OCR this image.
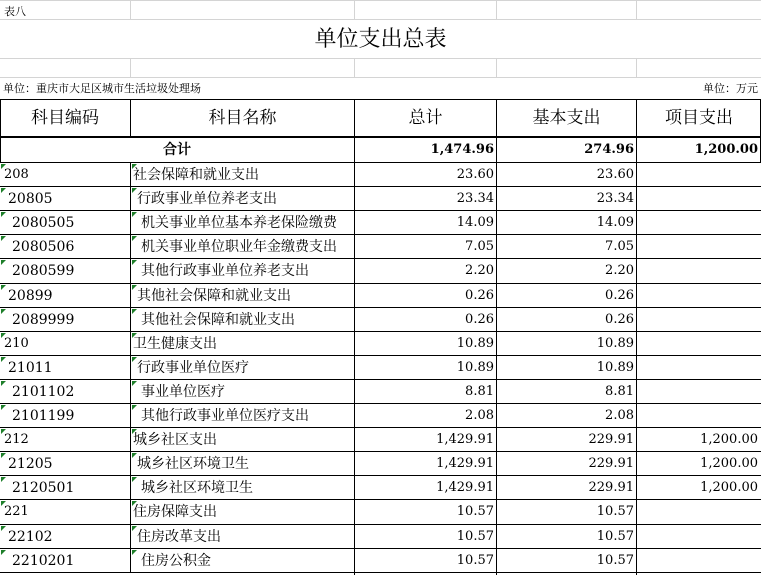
表八
单位支出总表
单位：重庆市大足区城市生活垃圾处理场	单位：万元
科目编码	科目名称	总计	基本支出	项目支出
合计	1,474.96	274.96	1,200.00
208	社会保障和就业支出	23.60	23.60
20805	行政事业单位养老支出	23.34	23.34
2080505	机关事业单位基本养老保险缴费	14.09	14.09
2080506	机关事业单位职业年金缴费支出	7.05	7.05
2080599	其他行政事业单位养老支出	2.20	2.20
20899	其他社会保障和就业支出	0.26	0.26
2089999	其他社会保障和就业支出	0.26	0.26
210	卫生健康支出	10.89	10.89
21011	行政事业单位医疗	10.89	10.89
2101102	事业单位医疗	8.81	8.81
2101199	其他行政事业单位医疗支出	2.08	2.08
212	城乡社区支出	1,429.91	229.91	1,200.00
21205	城乡社区环境卫生	1,429.91	229.91	1,200.00
2120501	城乡社区环境卫生	1,429.91	229.91	1,200.00
221	住房保障支出	10.57	10.57
22102	住房改革支出	10.57	10.57
2210201	住房公积金	10.57	10.57
